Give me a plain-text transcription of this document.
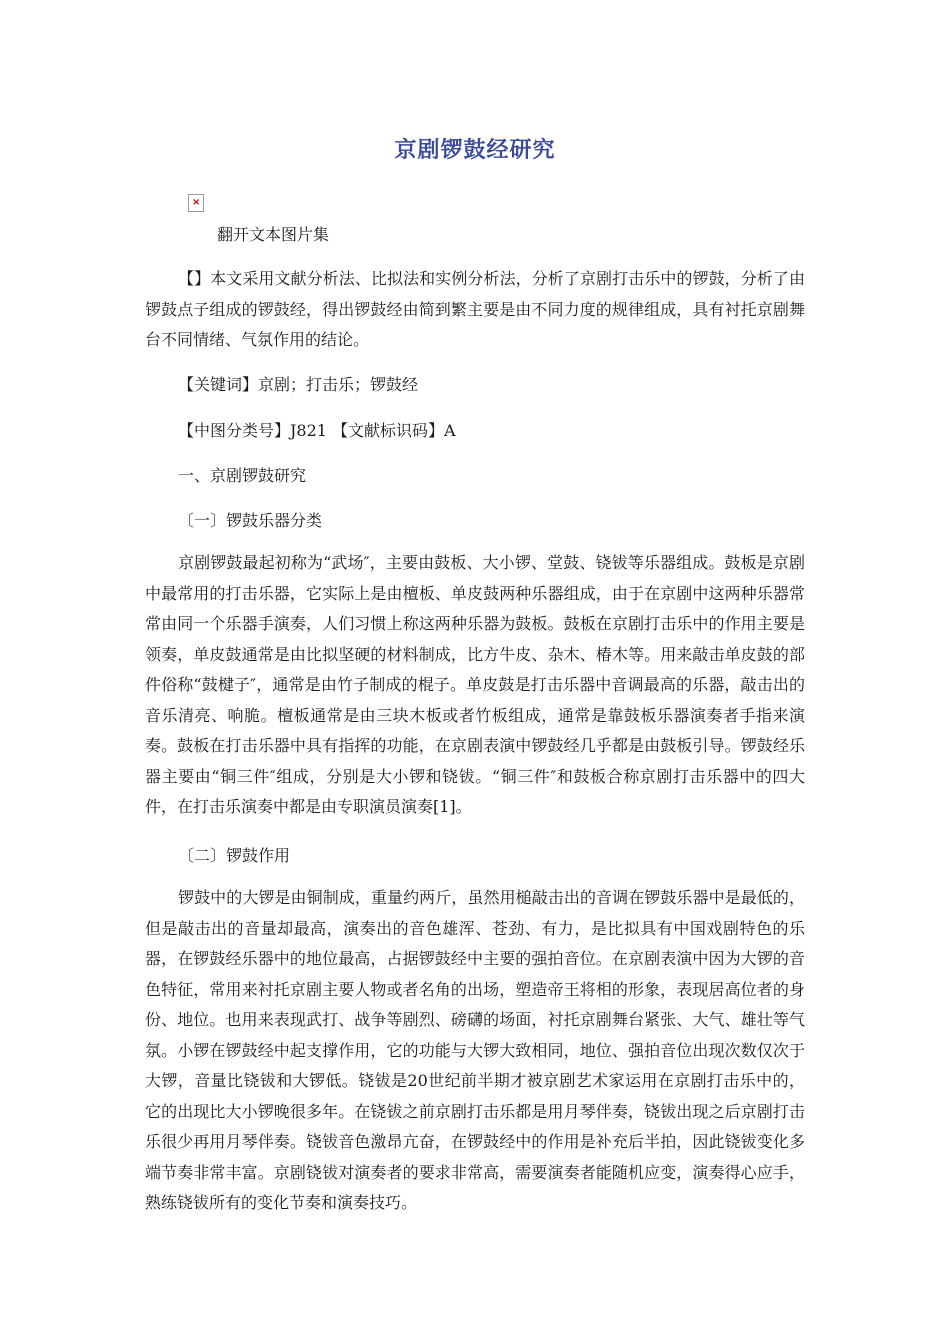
京剧锣鼓经研究
×
翻开文本图片集

【】本文采用文献分析法、比拟法和实例分析法，分析了京剧打击乐中的锣鼓，分析了由锣鼓点子组成的锣鼓经，得出锣鼓经由简到繁主要是由不同力度的规律组成，具有衬托京剧舞台不同情绪、气氛作用的结论。

【关键词】京剧；打击乐；锣鼓经
【中图分类号】J821 【文献标识码】A
一、京剧锣鼓研究
〔一〕锣鼓乐器分类

京剧锣鼓最起初称为“武场″，主要由鼓板、大小锣、堂鼓、铙钹等乐器组成。鼓板是京剧中最常用的打击乐器，它实际上是由檀板、单皮鼓两种乐器组成，由于在京剧中这两种乐器常常由同一个乐器手演奏，人们习惯上称这两种乐器为鼓板。鼓板在京剧打击乐中的作用主要是领奏，单皮鼓通常是由比拟坚硬的材料制成，比方牛皮、杂木、椿木等。用来敲击单皮鼓的部件俗称“鼓楗子″，通常是由竹子制成的棍子。单皮鼓是打击乐器中音调最高的乐器，敲击出的音乐清亮、响脆。檀板通常是由三块木板或者竹板组成，通常是靠鼓板乐器演奏者手指来演奏。鼓板在打击乐器中具有指挥的功能，在京剧表演中锣鼓经几乎都是由鼓板引导。锣鼓经乐器主要由“铜三件″组成，分别是大小锣和铙钹。“铜三件″和鼓板合称京剧打击乐器中的四大件，在打击乐演奏中都是由专职演员演奏[1]。

〔二〕锣鼓作用

锣鼓中的大锣是由铜制成，重量约两斤，虽然用槌敲击出的音调在锣鼓乐器中是最低的，但是敲击出的音量却最高，演奏出的音色雄浑、苍劲、有力，是比拟具有中国戏剧特色的乐器，在锣鼓经乐器中的地位最高，占据锣鼓经中主要的强拍音位。在京剧表演中因为大锣的音色特征，常用来衬托京剧主要人物或者名角的出场，塑造帝王将相的形象，表现居高位者的身份、地位。也用来表现武打、战争等剧烈、磅礴的场面，衬托京剧舞台紧张、大气、雄壮等气氛。小锣在锣鼓经中起支撑作用，它的功能与大锣大致相同，地位、强拍音位出现次数仅次于大锣，音量比铙钹和大锣低。铙钹是20世纪前半期才被京剧艺术家运用在京剧打击乐中的，它的出现比大小锣晚很多年。在铙钹之前京剧打击乐都是用月琴伴奏，铙钹出现之后京剧打击乐很少再用月琴伴奏。铙钹音色激昂亢奋，在锣鼓经中的作用是补充后半拍，因此铙钹变化多端节奏非常丰富。京剧铙钹对演奏者的要求非常高，需要演奏者能随机应变，演奏得心应手，熟练铙钹所有的变化节奏和演奏技巧。
